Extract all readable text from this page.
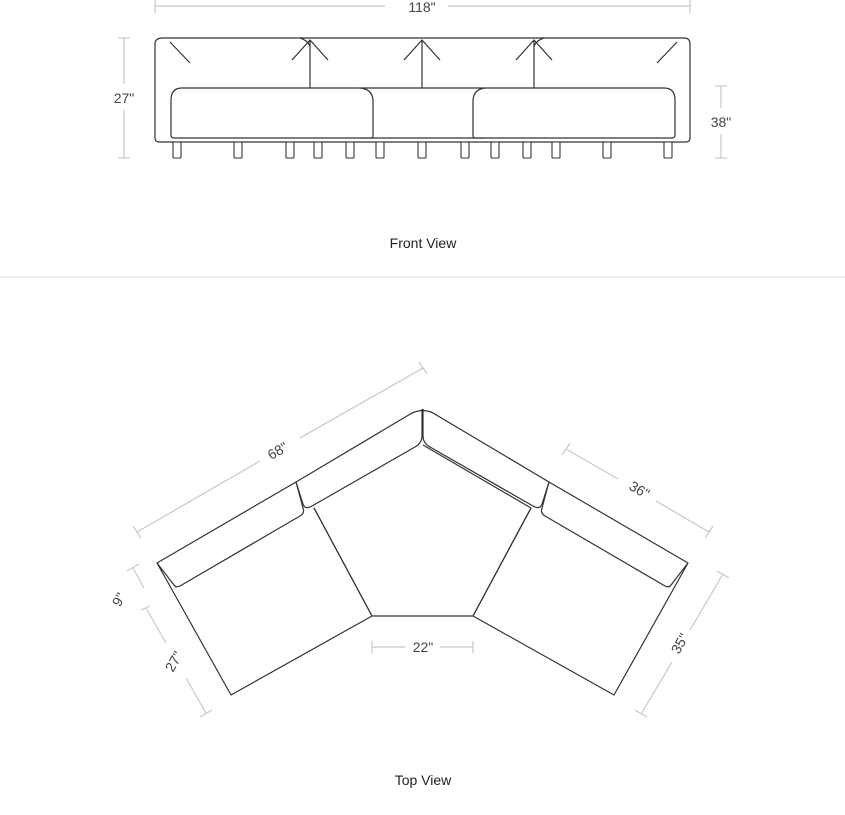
118"
27"
38"
Front View
68"
36"
9"
27"
22"	35"
Top View
